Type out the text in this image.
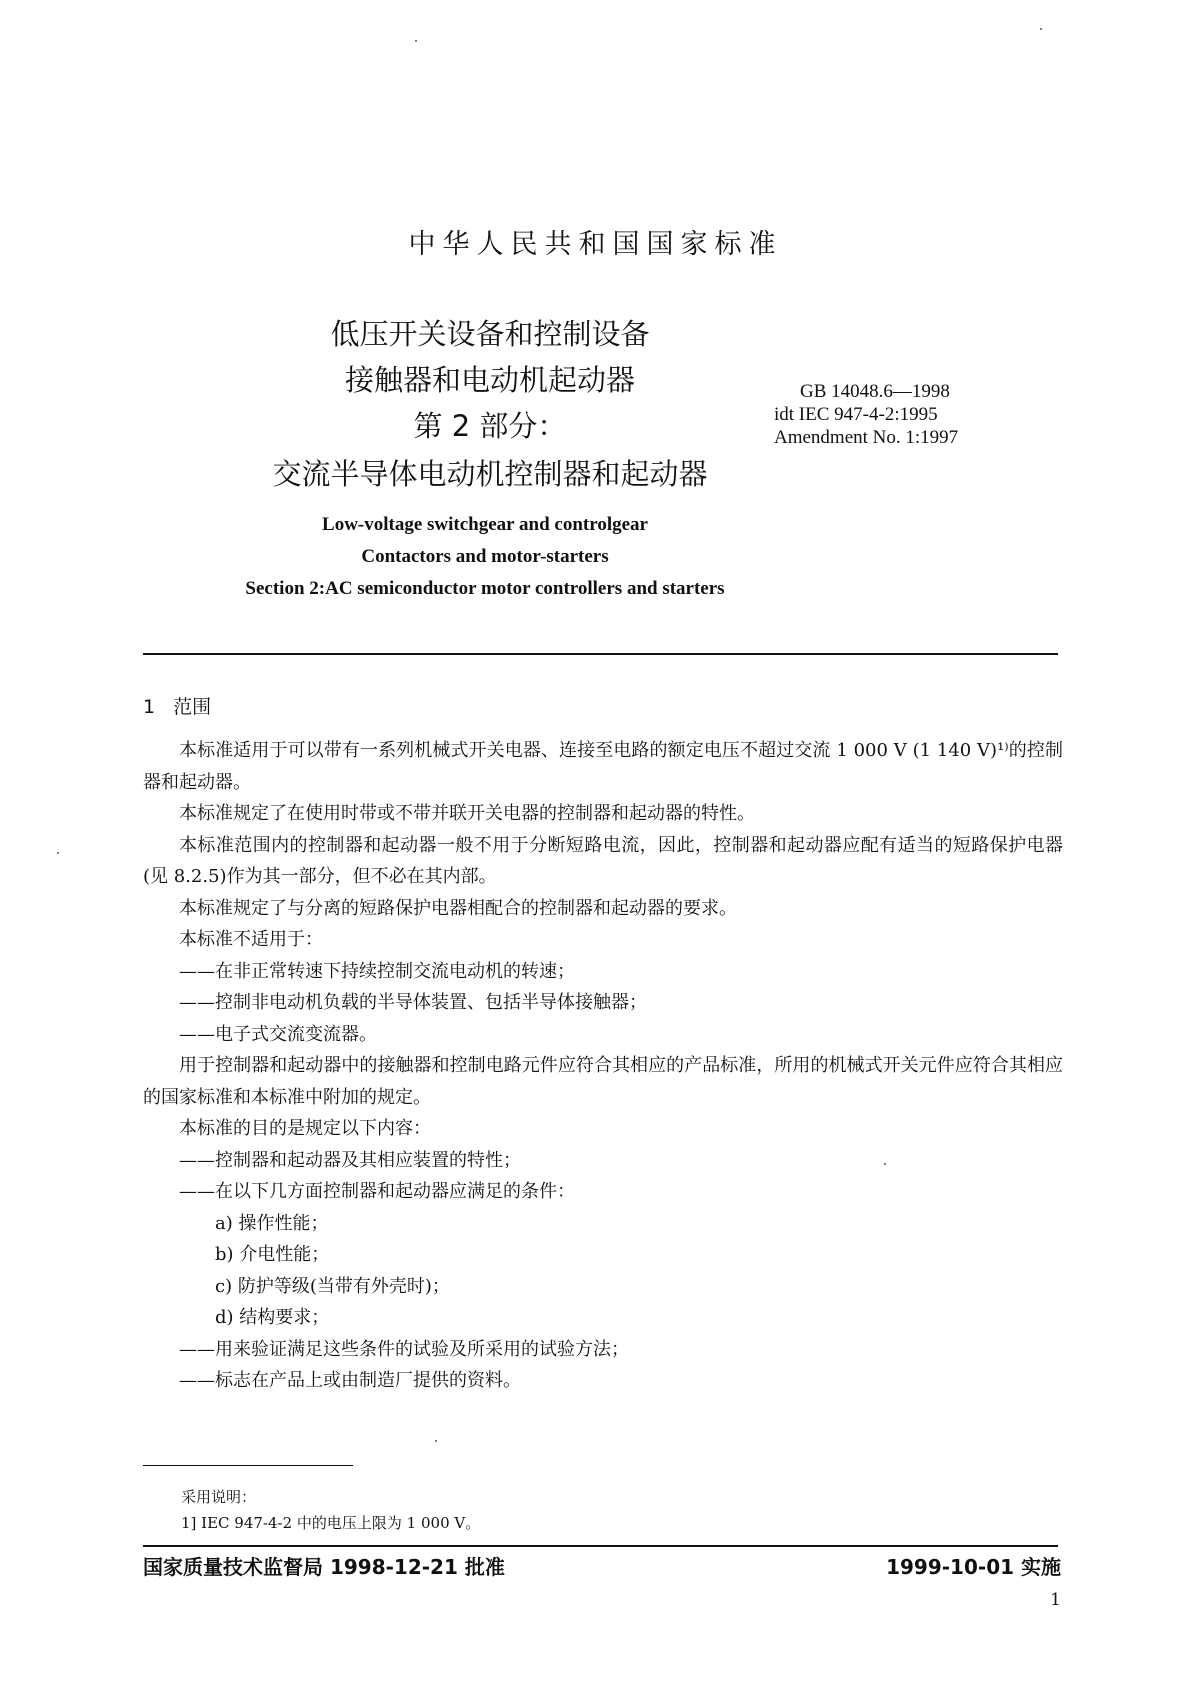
中华人民共和国国家标准
低压开关设备和控制设备
接触器和电动机起动器
第 2 部分：
交流半导体电动机控制器和起动器
GB 14048.6—1998
idt IEC 947-4-2:1995
Amendment No. 1:1997
Low-voltage switchgear and controlgear
Contactors and motor-starters
Section 2:AC semiconductor motor controllers and starters
1 范围
本标准适用于可以带有一系列机械式开关电器、连接至电路的额定电压不超过交流 1 000 V (1 140 V)¹⁾的控制器和起动器。
本标准规定了在使用时带或不带并联开关电器的控制器和起动器的特性。
本标准范围内的控制器和起动器一般不用于分断短路电流，因此，控制器和起动器应配有适当的短路保护电器(见 8.2.5)作为其一部分，但不必在其内部。
本标准规定了与分离的短路保护电器相配合的控制器和起动器的要求。
本标准不适用于：
——在非正常转速下持续控制交流电动机的转速；
——控制非电动机负载的半导体装置、包括半导体接触器；
——电子式交流变流器。
用于控制器和起动器中的接触器和控制电路元件应符合其相应的产品标准，所用的机械式开关元件应符合其相应的国家标准和本标准中附加的规定。
本标准的目的是规定以下内容：
——控制器和起动器及其相应装置的特性；
——在以下几方面控制器和起动器应满足的条件：
a) 操作性能；
b) 介电性能；
c) 防护等级(当带有外壳时)；
d) 结构要求；
——用来验证满足这些条件的试验及所采用的试验方法；
——标志在产品上或由制造厂提供的资料。
采用说明：
1] IEC 947-4-2 中的电压上限为 1 000 V。
国家质量技术监督局 1998-12-21 批准	1999-10-01 实施
1
